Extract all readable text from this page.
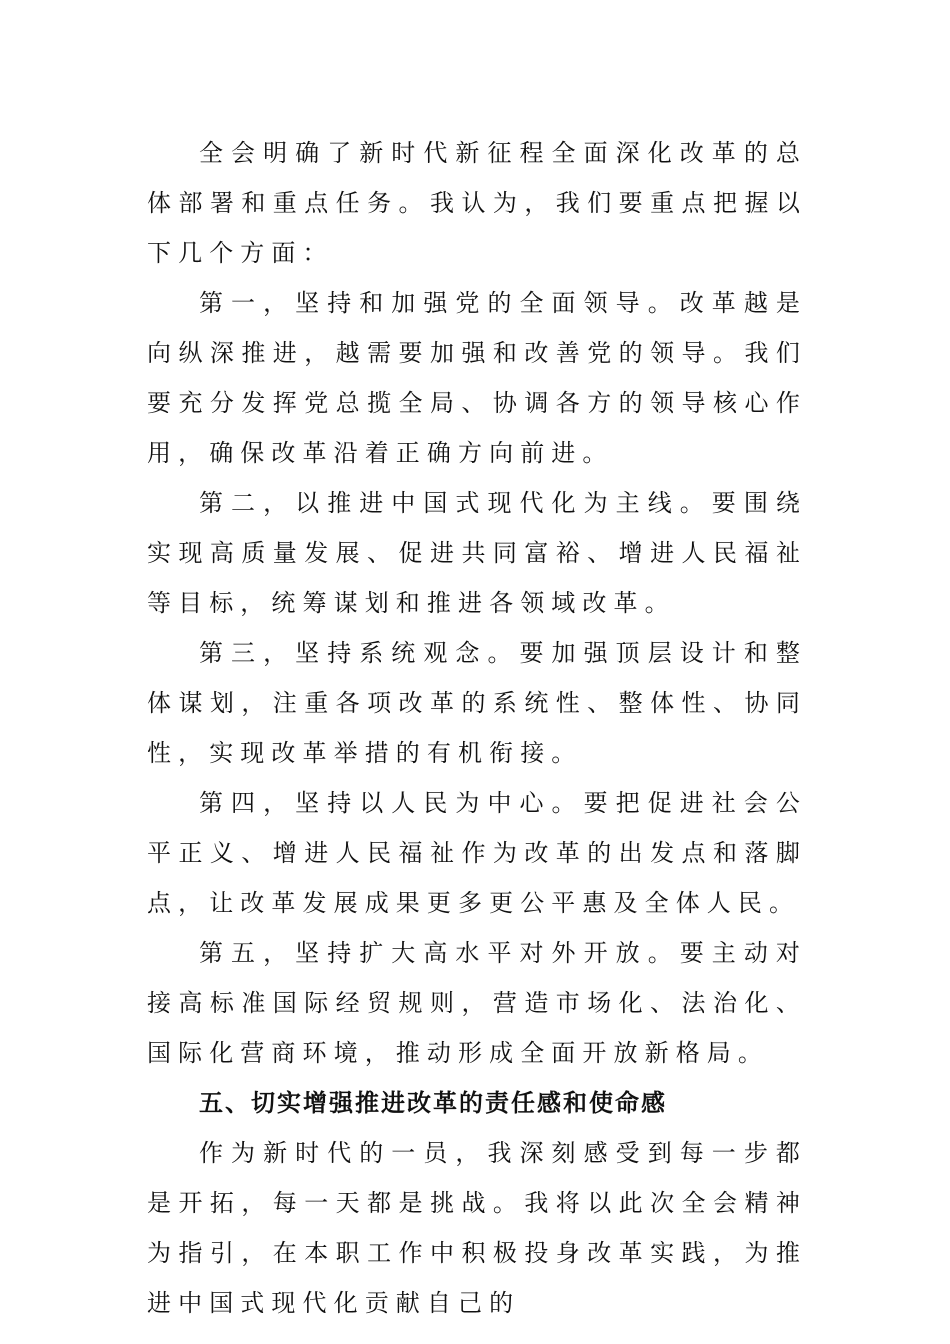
全会明确了新时代新征程全面深化改革的总体部署和重点任务。我认为，我们要重点把握以下几个方面：

第一，坚持和加强党的全面领导。改革越是向纵深推进，越需要加强和改善党的领导。我们要充分发挥党总揽全局、协调各方的领导核心作用，确保改革沿着正确方向前进。

第二，以推进中国式现代化为主线。要围绕实现高质量发展、促进共同富裕、增进人民福祉等目标，统筹谋划和推进各领域改革。

第三，坚持系统观念。要加强顶层设计和整体谋划，注重各项改革的系统性、整体性、协同性，实现改革举措的有机衔接。

第四，坚持以人民为中心。要把促进社会公平正义、增进人民福祉作为改革的出发点和落脚点，让改革发展成果更多更公平惠及全体人民。

第五，坚持扩大高水平对外开放。要主动对接高标准国际经贸规则，营造市场化、法治化、国际化营商环境，推动形成全面开放新格局。

五、切实增强推进改革的责任感和使命感

作为新时代的一员，我深刻感受到每一步都是开拓，每一天都是挑战。我将以此次全会精神为指引，在本职工作中积极投身改革实践，为推进中国式现代化贡献自己的
